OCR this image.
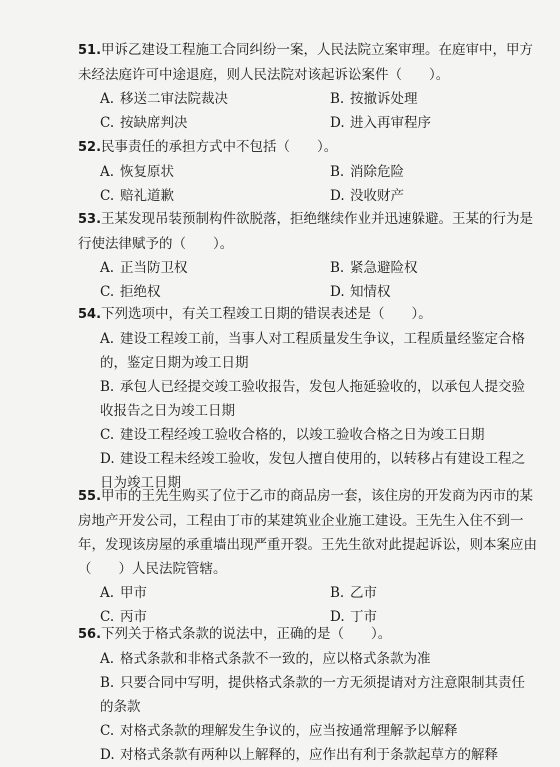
51.甲诉乙建设工程施工合同纠纷一案，人民法院立案审理。在庭审中，甲方未经法庭许可中途退庭，则人民法院对该起诉讼案件（　　）。
A. 移送二审法院裁决	B. 按撤诉处理
C. 按缺席判决	D. 进入再审程序
52.民事责任的承担方式中不包括（　　）。
A. 恢复原状	B. 消除危险
C. 赔礼道歉	D. 没收财产
53.王某发现吊装预制构件欲脱落，拒绝继续作业并迅速躲避。王某的行为是行使法律赋予的（　　）。
A. 正当防卫权	B. 紧急避险权
C. 拒绝权	D. 知情权
54.下列选项中，有关工程竣工日期的错误表述是（　　）。
A. 建设工程竣工前，当事人对工程质量发生争议，工程质量经鉴定合格的，鉴定日期为竣工日期
B. 承包人已经提交竣工验收报告，发包人拖延验收的，以承包人提交验收报告之日为竣工日期
C. 建设工程经竣工验收合格的，以竣工验收合格之日为竣工日期
D. 建设工程未经竣工验收，发包人擅自使用的，以转移占有建设工程之日为竣工日期
55.甲市的王先生购买了位于乙市的商品房一套，该住房的开发商为丙市的某房地产开发公司，工程由丁市的某建筑业企业施工建设。王先生入住不到一年，发现该房屋的承重墙出现严重开裂。王先生欲对此提起诉讼，则本案应由（　　）人民法院管辖。
A. 甲市	B. 乙市
C. 丙市	D. 丁市
56.下列关于格式条款的说法中，正确的是（　　）。
A. 格式条款和非格式条款不一致的，应以格式条款为准
B. 只要合同中写明，提供格式条款的一方无须提请对方注意限制其责任的条款
C. 对格式条款的理解发生争议的，应当按通常理解予以解释
D. 对格式条款有两种以上解释的，应作出有利于条款起草方的解释
